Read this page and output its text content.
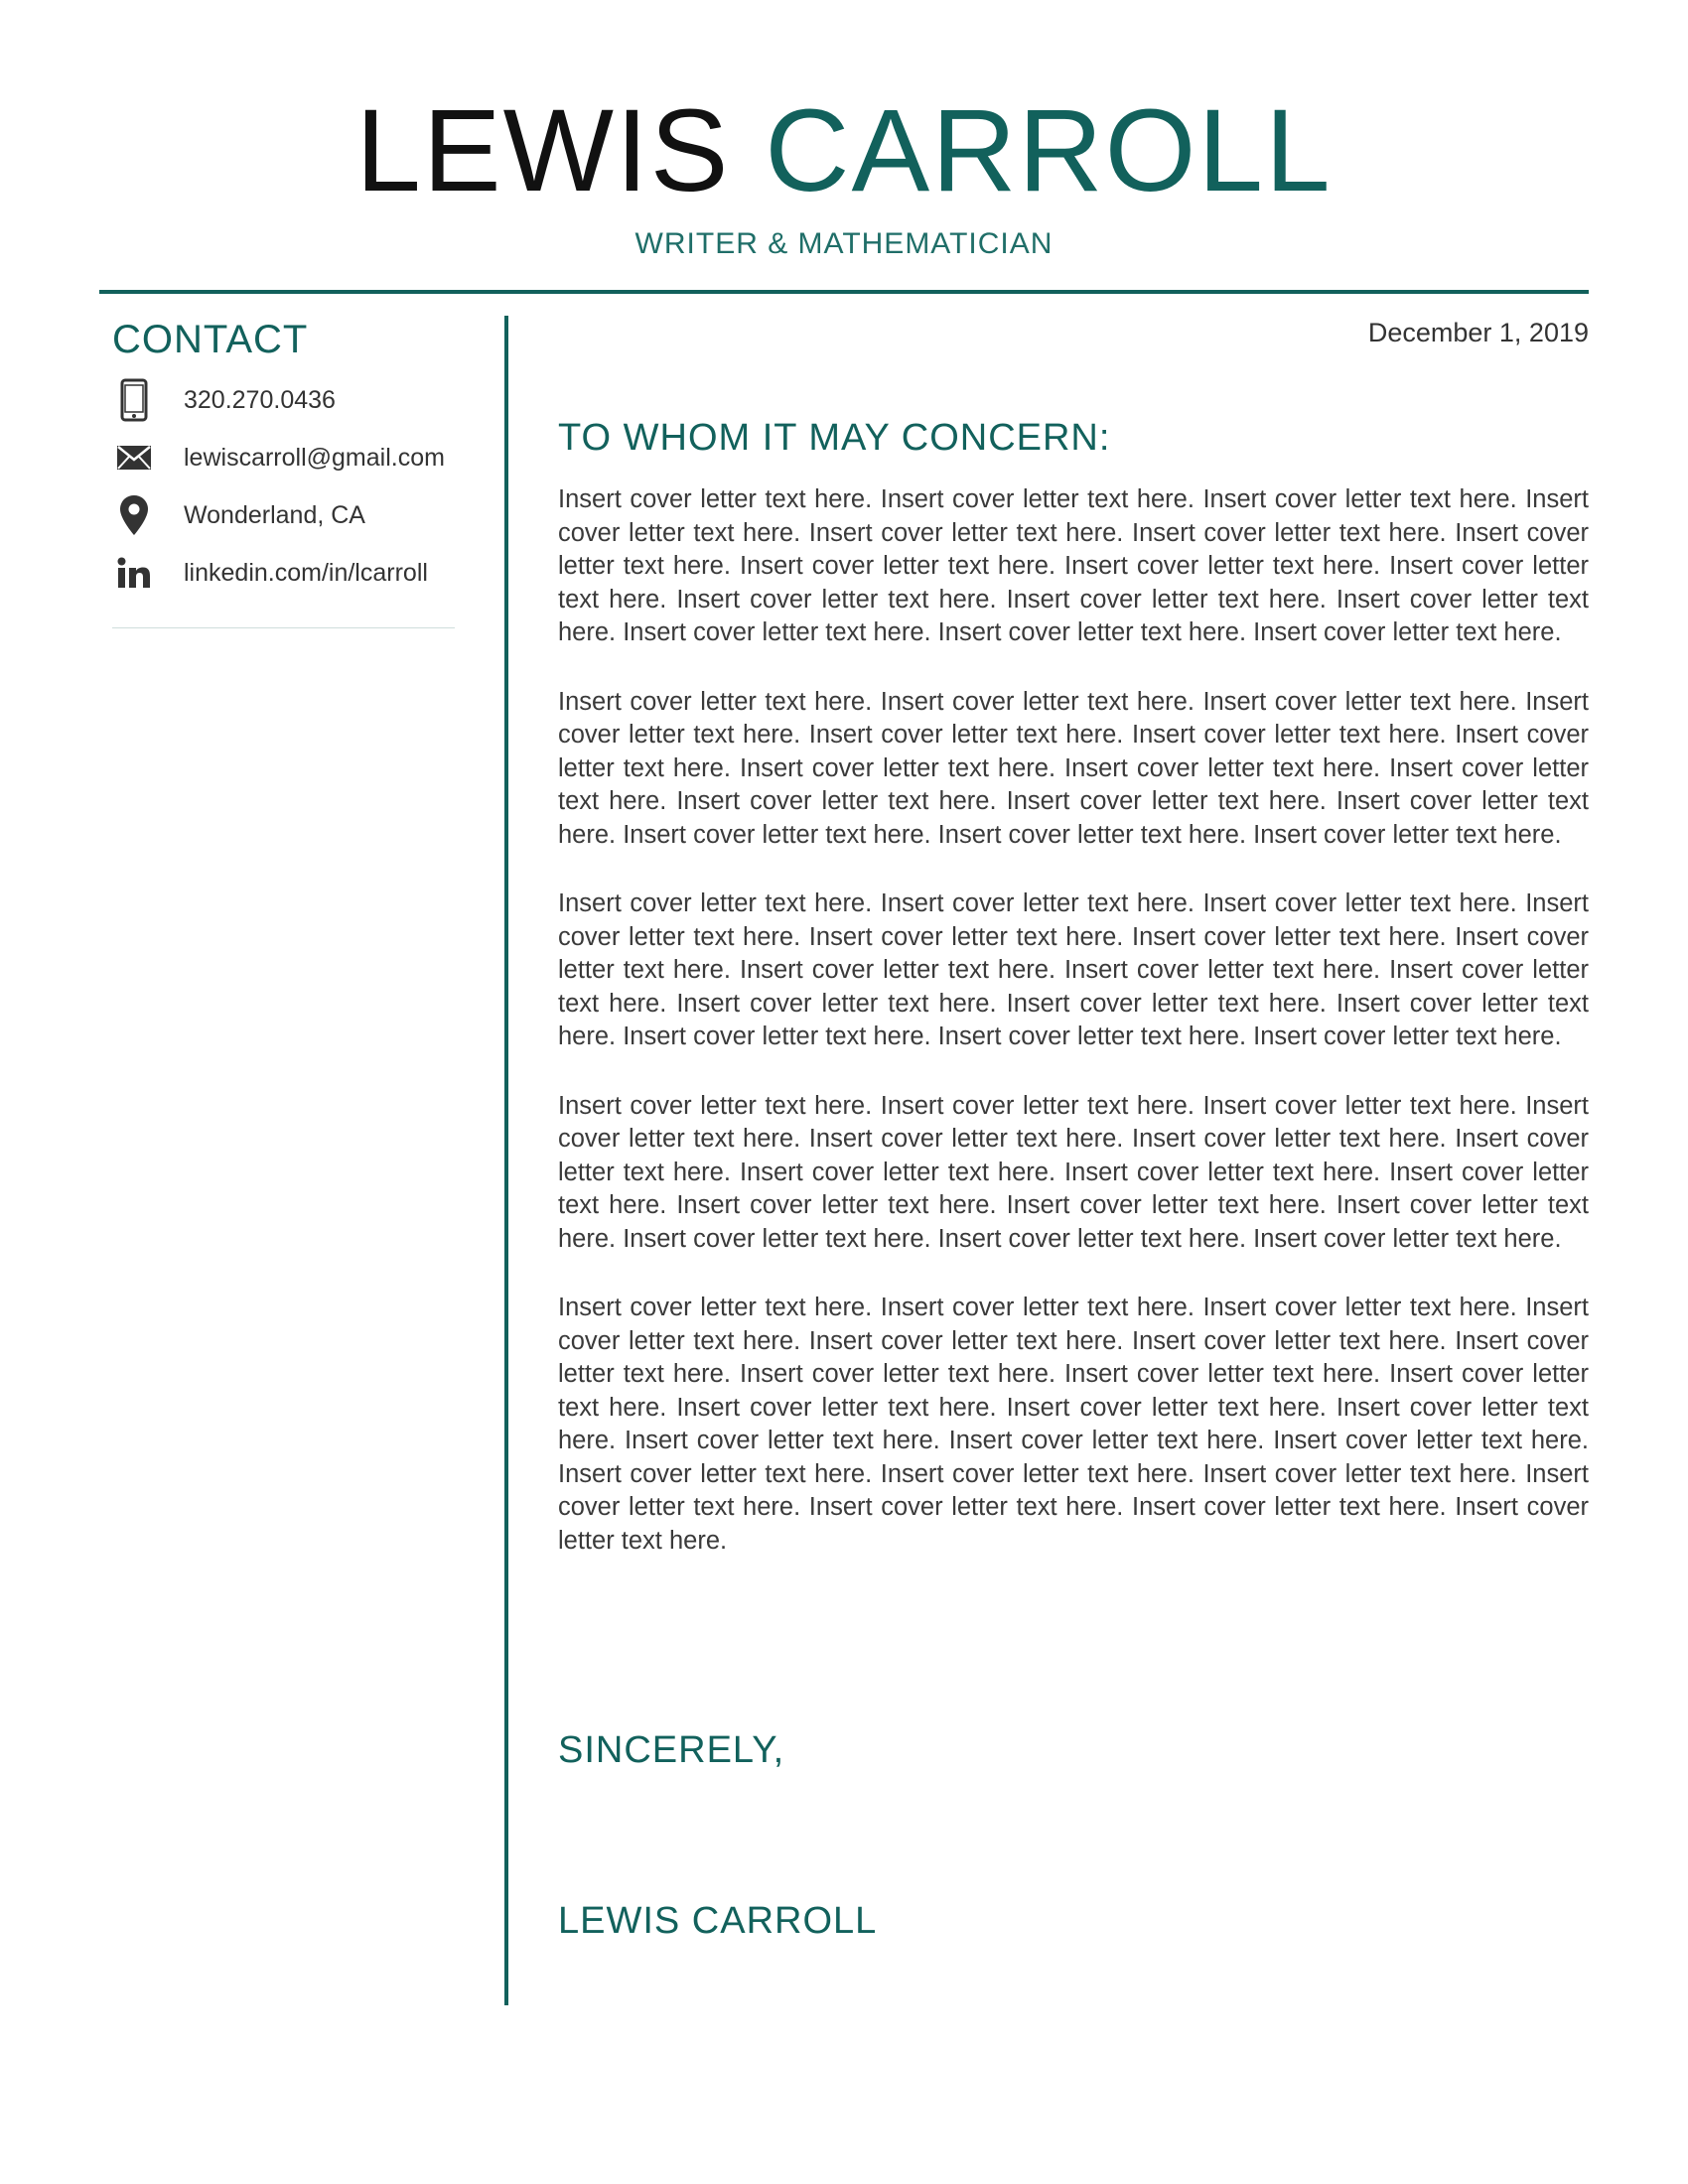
LEWIS CARROLL

WRITER & MATHEMATICIAN

CONTACT
320.270.0436
lewiscarroll@gmail.com
Wonderland, CA
linkedin.com/in/lcarroll

December 1, 2019

TO WHOM IT MAY CONCERN:

Insert cover letter text here. Insert cover letter text here. Insert cover letter text here. Insert cover letter text here. Insert cover letter text here. Insert cover letter text here. Insert cover letter text here. Insert cover letter text here. Insert cover letter text here. Insert cover letter text here. Insert cover letter text here. Insert cover letter text here. Insert cover letter text here. Insert cover letter text here. Insert cover letter text here. Insert cover letter text here.

Insert cover letter text here. Insert cover letter text here. Insert cover letter text here. Insert cover letter text here. Insert cover letter text here. Insert cover letter text here. Insert cover letter text here. Insert cover letter text here. Insert cover letter text here. Insert cover letter text here. Insert cover letter text here. Insert cover letter text here. Insert cover letter text here. Insert cover letter text here. Insert cover letter text here. Insert cover letter text here.

Insert cover letter text here. Insert cover letter text here. Insert cover letter text here. Insert cover letter text here. Insert cover letter text here. Insert cover letter text here. Insert cover letter text here. Insert cover letter text here. Insert cover letter text here. Insert cover letter text here. Insert cover letter text here. Insert cover letter text here. Insert cover letter text here. Insert cover letter text here. Insert cover letter text here. Insert cover letter text here.

Insert cover letter text here. Insert cover letter text here. Insert cover letter text here. Insert cover letter text here. Insert cover letter text here. Insert cover letter text here. Insert cover letter text here. Insert cover letter text here. Insert cover letter text here. Insert cover letter text here. Insert cover letter text here. Insert cover letter text here. Insert cover letter text here. Insert cover letter text here. Insert cover letter text here. Insert cover letter text here.

Insert cover letter text here. Insert cover letter text here. Insert cover letter text here. Insert cover letter text here. Insert cover letter text here. Insert cover letter text here. Insert cover letter text here. Insert cover letter text here. Insert cover letter text here. Insert cover letter text here. Insert cover letter text here. Insert cover letter text here. Insert cover letter text here. Insert cover letter text here. Insert cover letter text here. Insert cover letter text here. Insert cover letter text here. Insert cover letter text here. Insert cover letter text here. Insert cover letter text here. Insert cover letter text here. Insert cover letter text here. Insert cover letter text here.

SINCERELY,
LEWIS CARROLL
